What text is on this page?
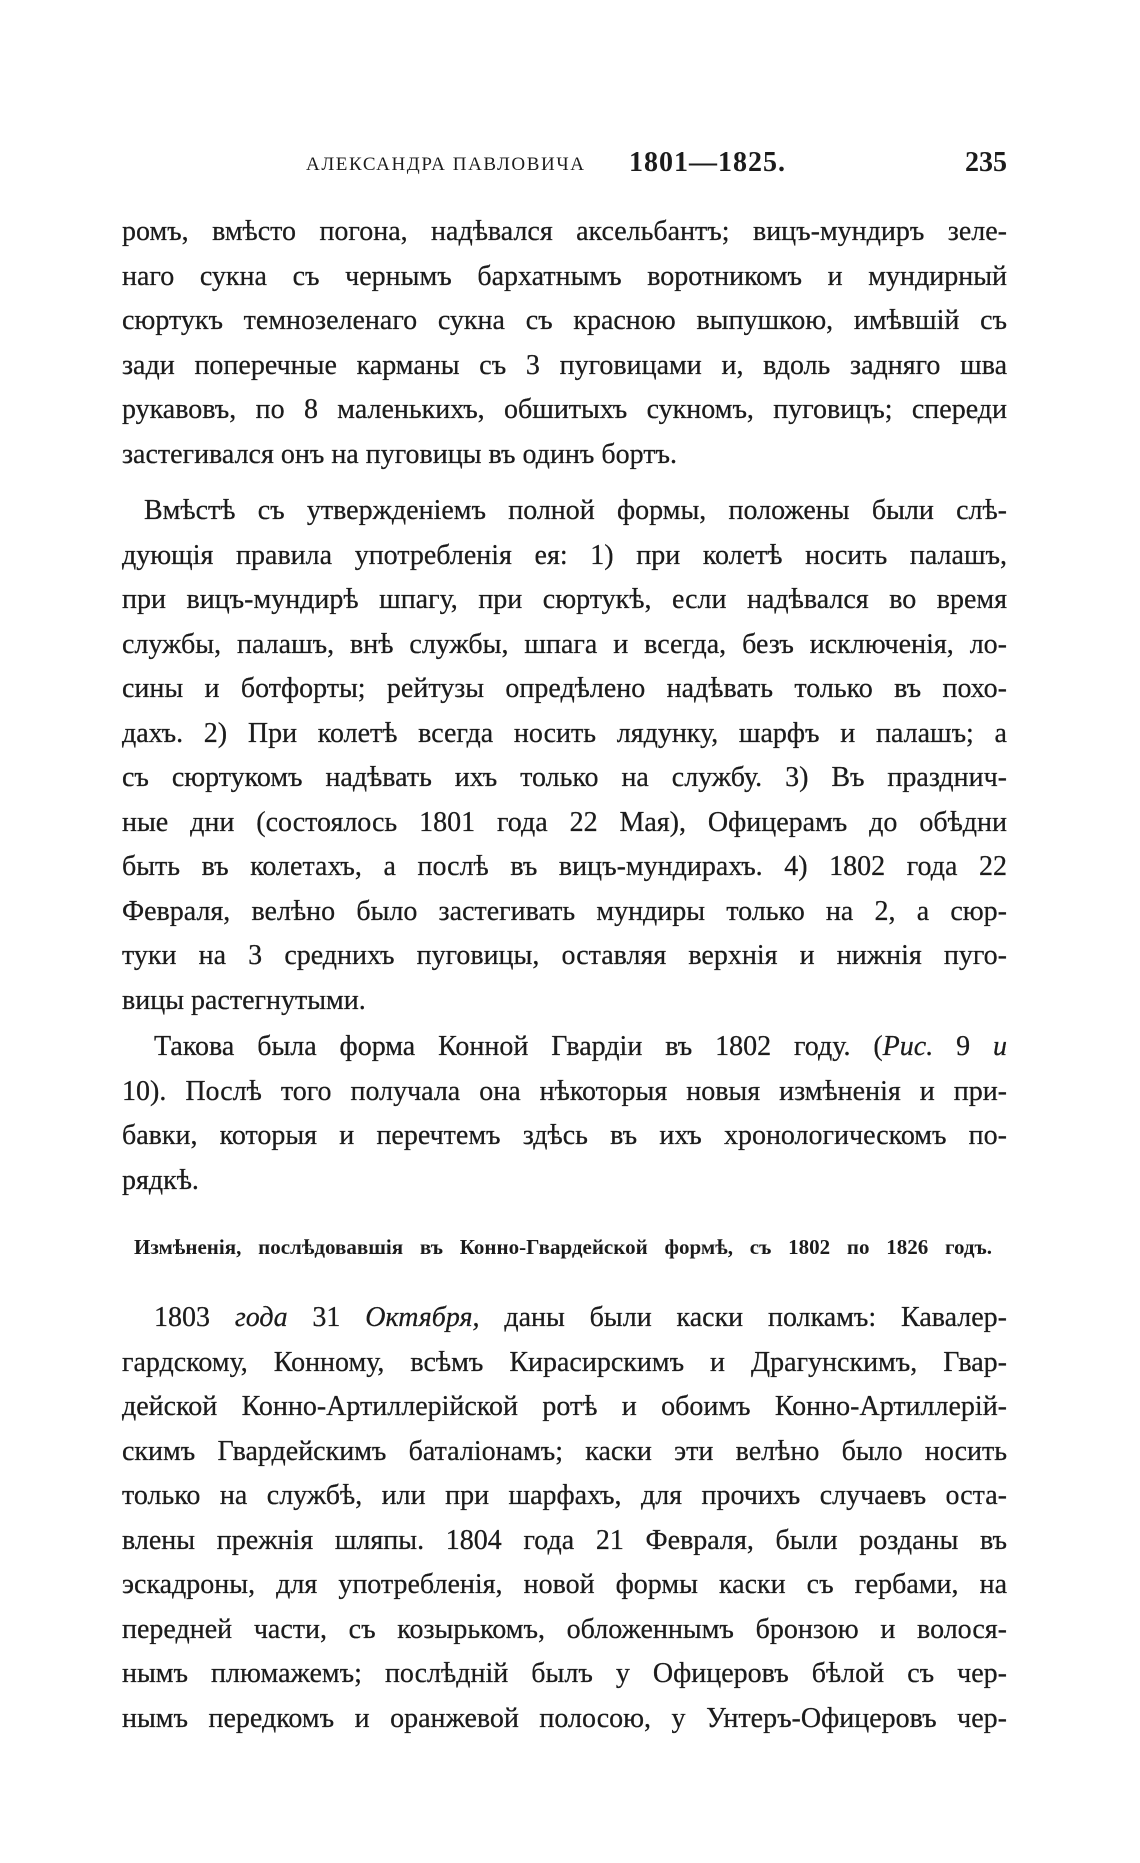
АЛЕКСАНДРА ПАВЛОВИЧА 1801—1825.	235
ромъ, вмѣсто погона, надѣвался аксельбантъ; вицъ-мундиръ зеле-
наго сукна съ чернымъ бархатнымъ воротникомъ и мундирный
сюртукъ темнозеленаго сукна съ красною выпушкою, имѣвшій съ
зади поперечные карманы съ 3 пуговицами и, вдоль задняго шва
рукавовъ, по 8 маленькихъ, обшитыхъ сукномъ, пуговицъ; спереди
застегивался онъ на пуговицы въ одинъ бортъ.
Вмѣстѣ съ утвержденіемъ полной формы, положены были слѣ-
дующія правила употребленія ея: 1) при колетѣ носить палашъ,
при вицъ-мундирѣ шпагу, при сюртукѣ, если надѣвался во время
службы, палашъ, внѣ службы, шпага и всегда, безъ исключенія, ло-
сины и ботфорты; рейтузы опредѣлено надѣвать только въ похо-
дахъ. 2) При колетѣ всегда носить лядунку, шарфъ и палашъ; а
съ сюртукомъ надѣвать ихъ только на службу. 3) Въ празднич-
ные дни (состоялось 1801 года 22 Мая), Офицерамъ до обѣдни
быть въ колетахъ, а послѣ въ вицъ-мундирахъ. 4) 1802 года 22
Февраля, велѣно было застегивать мундиры только на 2, а сюр-
туки на 3 среднихъ пуговицы, оставляя верхнія и нижнія пуго-
вицы растегнутыми.
Такова была форма Конной Гвардіи въ 1802 году. (Рис. 9 и
10). Послѣ того получала она нѣкоторыя новыя измѣненія и при-
бавки, которыя и перечтемъ здѣсь въ ихъ хронологическомъ по-
рядкѣ.
Измѣненія, послѣдовавшія въ Конно-Гвардейской формѣ, съ 1802 по 1826 годъ.
1803 года 31 Октября, даны были каски полкамъ: Кавалер-
гардскому, Конному, всѣмъ Кирасирскимъ и Драгунскимъ, Гвар-
дейской Конно-Артиллерійской ротѣ и обоимъ Конно-Артиллерій-
скимъ Гвардейскимъ баталіонамъ; каски эти велѣно было носить
только на службѣ, или при шарфахъ, для прочихъ случаевъ оста-
влены прежнія шляпы. 1804 года 21 Февраля, были розданы въ
эскадроны, для употребленія, новой формы каски съ гербами, на
передней части, съ козырькомъ, обложеннымъ бронзою и волося-
нымъ плюмажемъ; послѣдній былъ у Офицеровъ бѣлой съ чер-
нымъ передкомъ и оранжевой полосою, у Унтеръ-Офицеровъ чер-
